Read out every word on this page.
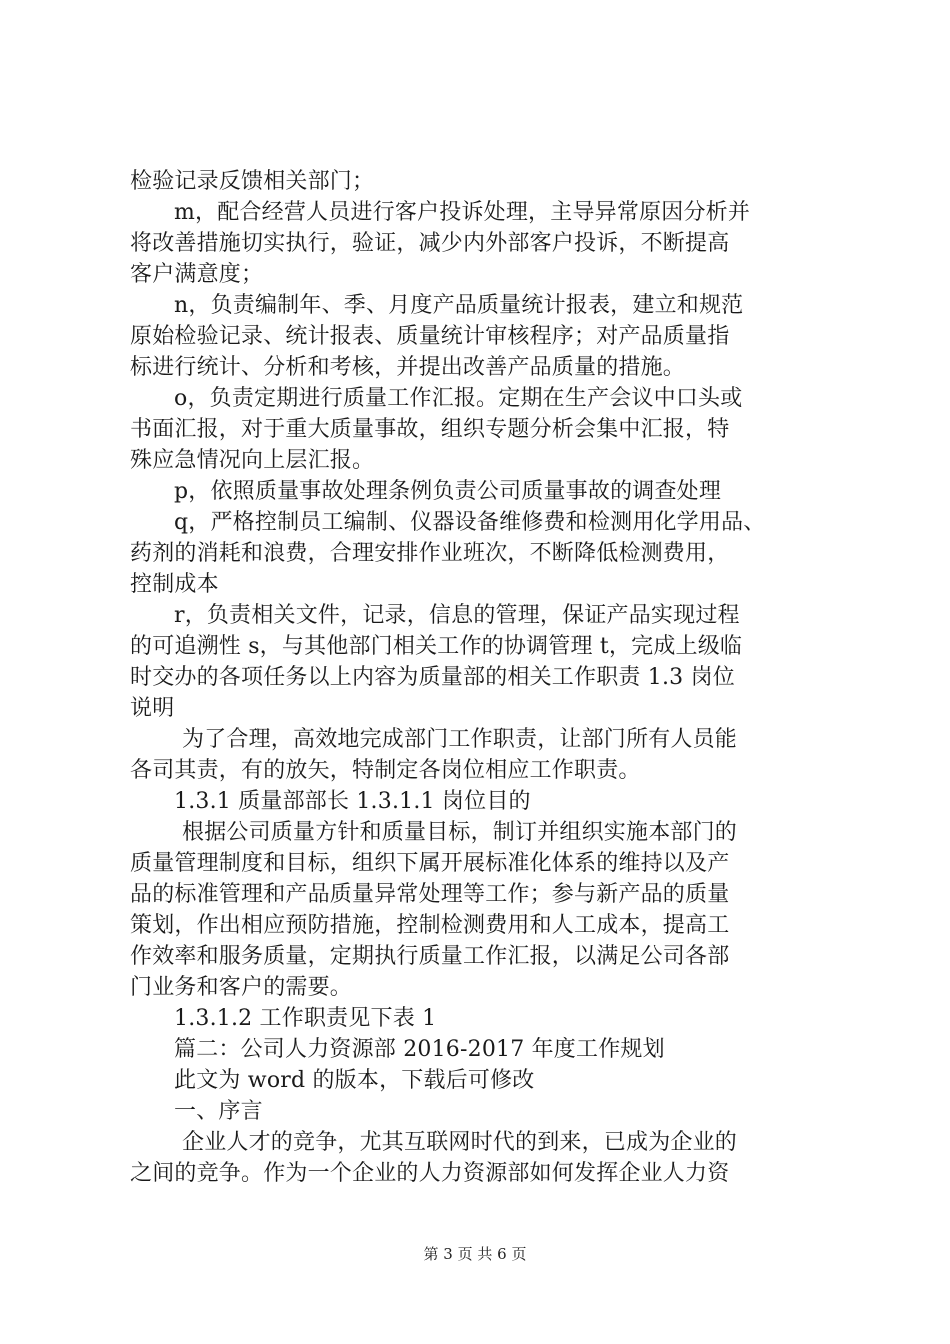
检验记录反馈相关部门；
m，配合经营人员进行客户投诉处理，主导异常原因分析并
将改善措施切实执行，验证，减少内外部客户投诉，不断提高
客户满意度；
n，负责编制年、季、月度产品质量统计报表，建立和规范
原始检验记录、统计报表、质量统计审核程序；对产品质量指
标进行统计、分析和考核，并提出改善产品质量的措施。
o，负责定期进行质量工作汇报。定期在生产会议中口头或
书面汇报，对于重大质量事故，组织专题分析会集中汇报，特
殊应急情况向上层汇报。
p，依照质量事故处理条例负责公司质量事故的调查处理
q，严格控制员工编制、仪器设备维修费和检测用化学用品、
药剂的消耗和浪费，合理安排作业班次，不断降低检测费用，
控制成本
r，负责相关文件，记录，信息的管理，保证产品实现过程
的可追溯性 s，与其他部门相关工作的协调管理 t，完成上级临
时交办的各项任务以上内容为质量部的相关工作职责 1.3 岗位
说明
为了合理，高效地完成部门工作职责，让部门所有人员能
各司其责，有的放矢，特制定各岗位相应工作职责。
1.3.1 质量部部长 1.3.1.1 岗位目的
根据公司质量方针和质量目标，制订并组织实施本部门的
质量管理制度和目标，组织下属开展标准化体系的维持以及产
品的标准管理和产品质量异常处理等工作；参与新产品的质量
策划，作出相应预防措施，控制检测费用和人工成本，提高工
作效率和服务质量，定期执行质量工作汇报，以满足公司各部
门业务和客户的需要。
1.3.1.2 工作职责见下表 1
篇二：公司人力资源部 2016-2017 年度工作规划
此文为 word 的版本，下载后可修改
一、序言
企业人才的竞争，尤其互联网时代的到来，已成为企业的
之间的竞争。作为一个企业的人力资源部如何发挥企业人力资
第 3 页 共 6 页
